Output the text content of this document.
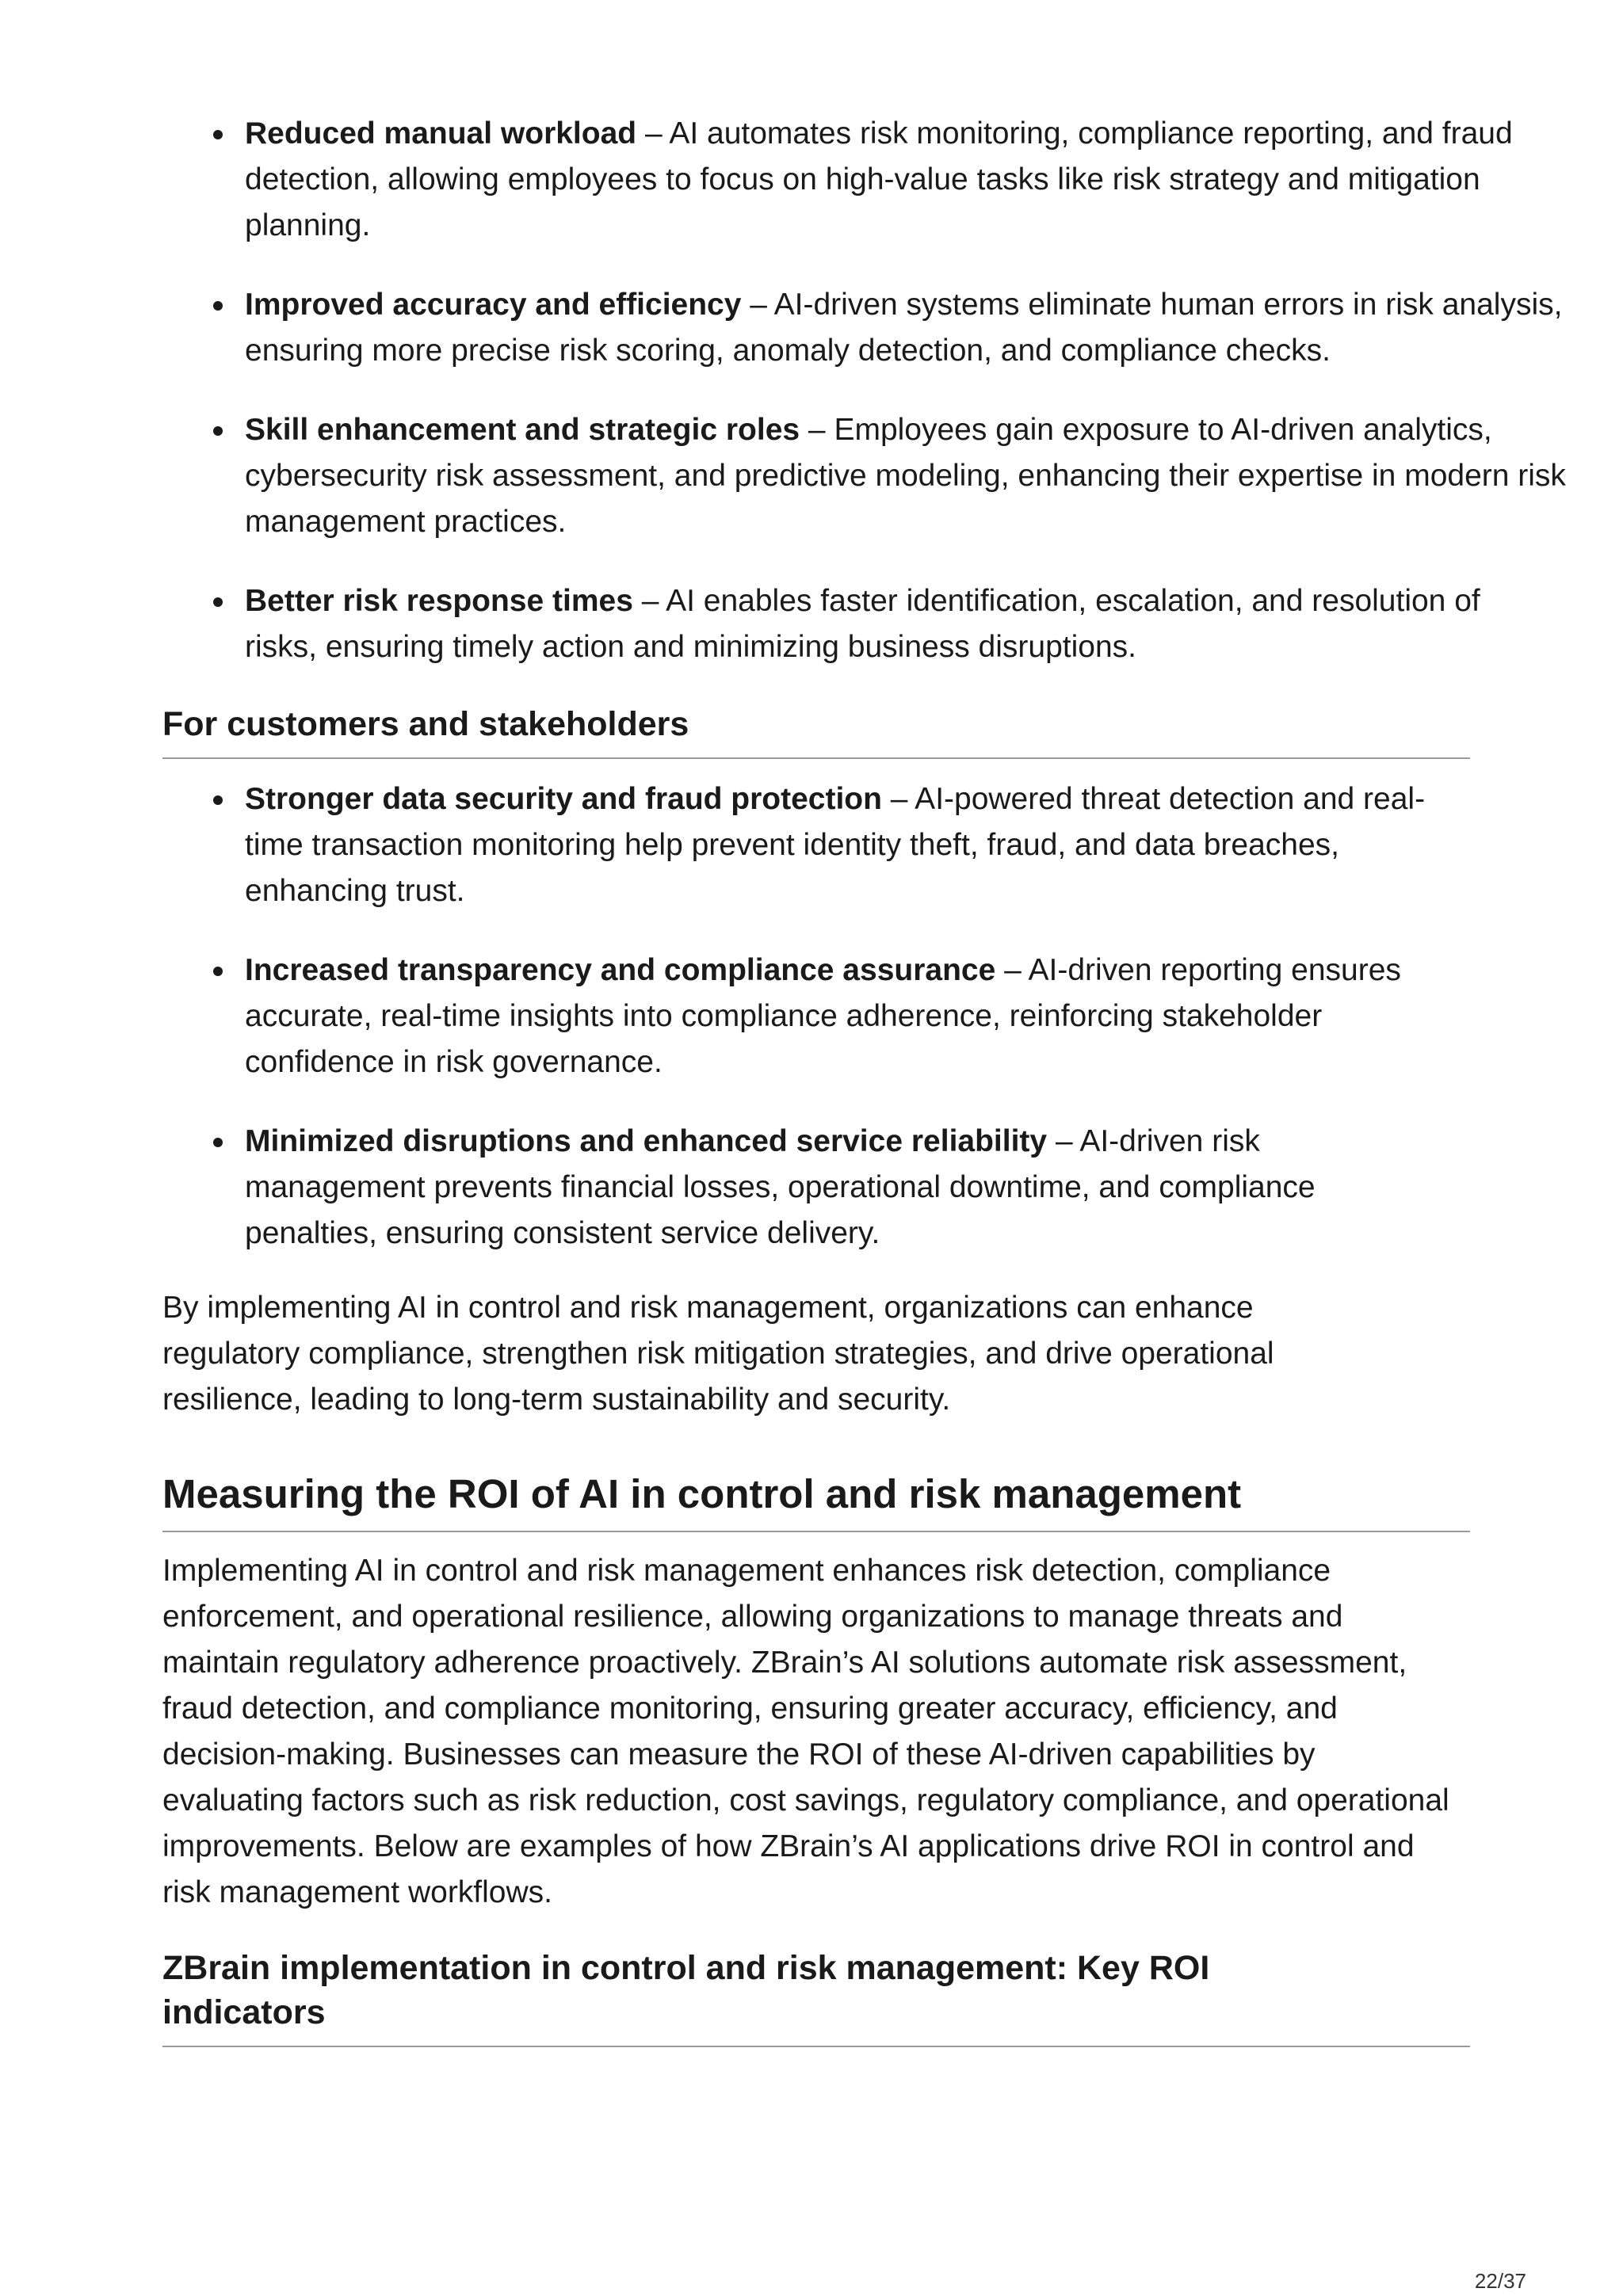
Reduced manual workload – AI automates risk monitoring, compliance reporting, and fraud detection, allowing employees to focus on high-value tasks like risk strategy and mitigation planning.
Improved accuracy and efficiency – AI-driven systems eliminate human errors in risk analysis, ensuring more precise risk scoring, anomaly detection, and compliance checks.
Skill enhancement and strategic roles – Employees gain exposure to AI-driven analytics, cybersecurity risk assessment, and predictive modeling, enhancing their expertise in modern risk management practices.
Better risk response times – AI enables faster identification, escalation, and resolution of risks, ensuring timely action and minimizing business disruptions.
For customers and stakeholders
Stronger data security and fraud protection – AI-powered threat detection and real-time transaction monitoring help prevent identity theft, fraud, and data breaches, enhancing trust.
Increased transparency and compliance assurance – AI-driven reporting ensures accurate, real-time insights into compliance adherence, reinforcing stakeholder confidence in risk governance.
Minimized disruptions and enhanced service reliability – AI-driven risk management prevents financial losses, operational downtime, and compliance penalties, ensuring consistent service delivery.

By implementing AI in control and risk management, organizations can enhance regulatory compliance, strengthen risk mitigation strategies, and drive operational resilience, leading to long-term sustainability and security.

Measuring the ROI of AI in control and risk management

Implementing AI in control and risk management enhances risk detection, compliance enforcement, and operational resilience, allowing organizations to manage threats and maintain regulatory adherence proactively. ZBrain’s AI solutions automate risk assessment, fraud detection, and compliance monitoring, ensuring greater accuracy, efficiency, and decision-making. Businesses can measure the ROI of these AI-driven capabilities by evaluating factors such as risk reduction, cost savings, regulatory compliance, and operational improvements. Below are examples of how ZBrain’s AI applications drive ROI in control and risk management workflows.

ZBrain implementation in control and risk management: Key ROI indicators
22/37
